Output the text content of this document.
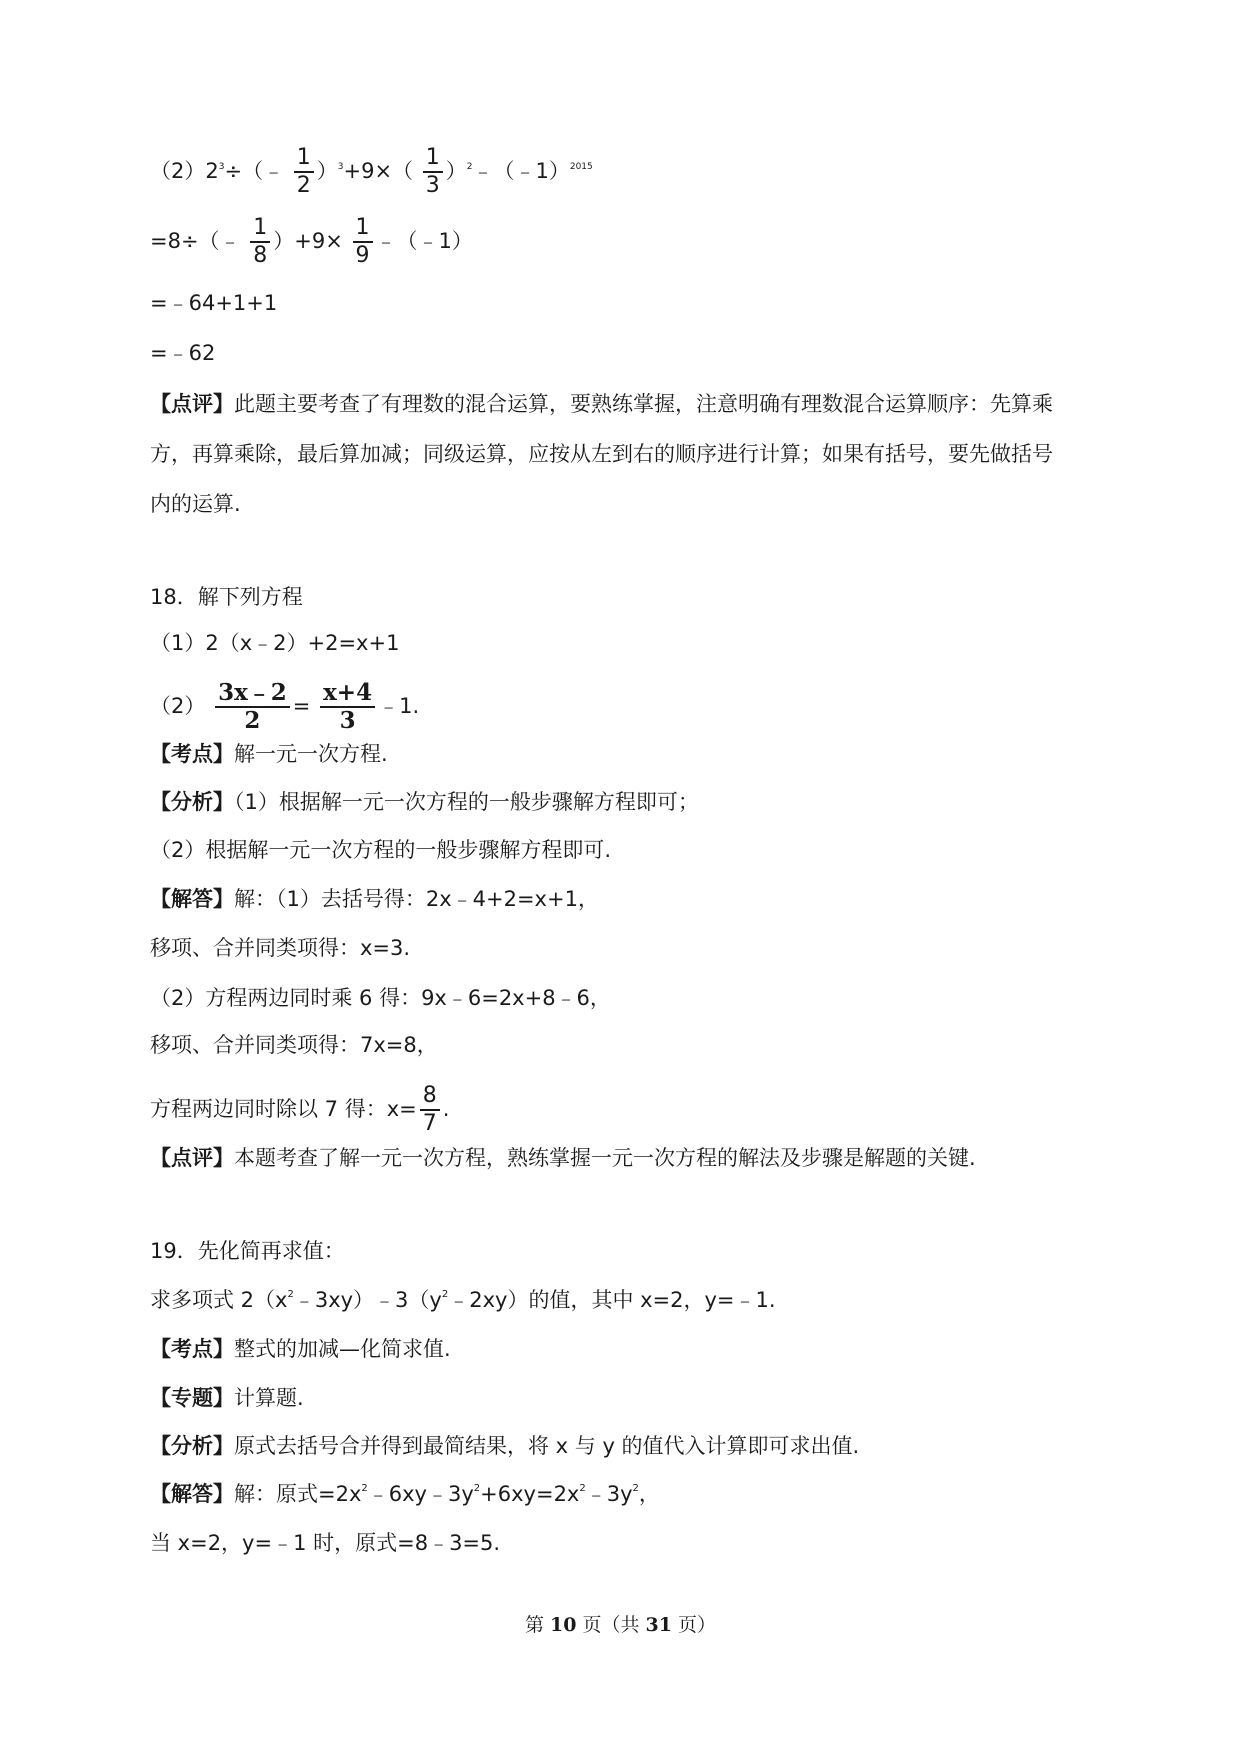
$(2)2^3\div(﹣ \frac{1}{2} )^3+9\times( \frac{1}{3}$ ）$^2﹣(﹣1)^{2015}$
=8÷（﹣ $\frac{1}{8} )+9\times \frac{1}{9}$ ﹣（﹣1）
=﹣64+1+1
=﹣62
【点评】此题主要考查了有理数的混合运算，要熟练掌握，注意明确有理数混合运算顺序：先算乘
方，再算乘除，最后算加减；同级运算，应按从左到右的顺序进行计算；如果有括号，要先做括号
内的运算.
18．解下列方程
（1）2（x﹣2）+2=x+1
$(2) \frac{3x﹣2}{2} = \frac{x+4}{3}$ ﹣1.
【考点】解一元一次方程.
【分析】（1）根据解一元一次方程的一般步骤解方程即可；
（2）根据解一元一次方程的一般步骤解方程即可.
【解答】解：（1）去括号得：2x﹣4+2=x+1，
移项、合并同类项得：x=3.
（2）方程两边同时乘 6 得：9x﹣6=2x+8﹣6，
移项、合并同类项得：7x=8，
方程两边同时除以 7 得：$x= \frac{8}{7}$ .
【点评】本题考查了解一元一次方程，熟练掌握一元一次方程的解法及步骤是解题的关键.
19．先化简再求值：
求多项式 $2(x^2﹣3xy)﹣3(y^2﹣2xy)$的值，其中 x=2，y=﹣1.
【考点】整式的加减—化简求值.
【专题】计算题.
【分析】原式去括号合并得到最简结果，将 x 与 y 的值代入计算即可求出值.
【解答】解：原式$=2x^2﹣6xy﹣3y^2+6xy=2x^2﹣3y^2$，
当 x=2，y=﹣1 时，原式=8﹣3=5.
第 10 页（共 31 页）
